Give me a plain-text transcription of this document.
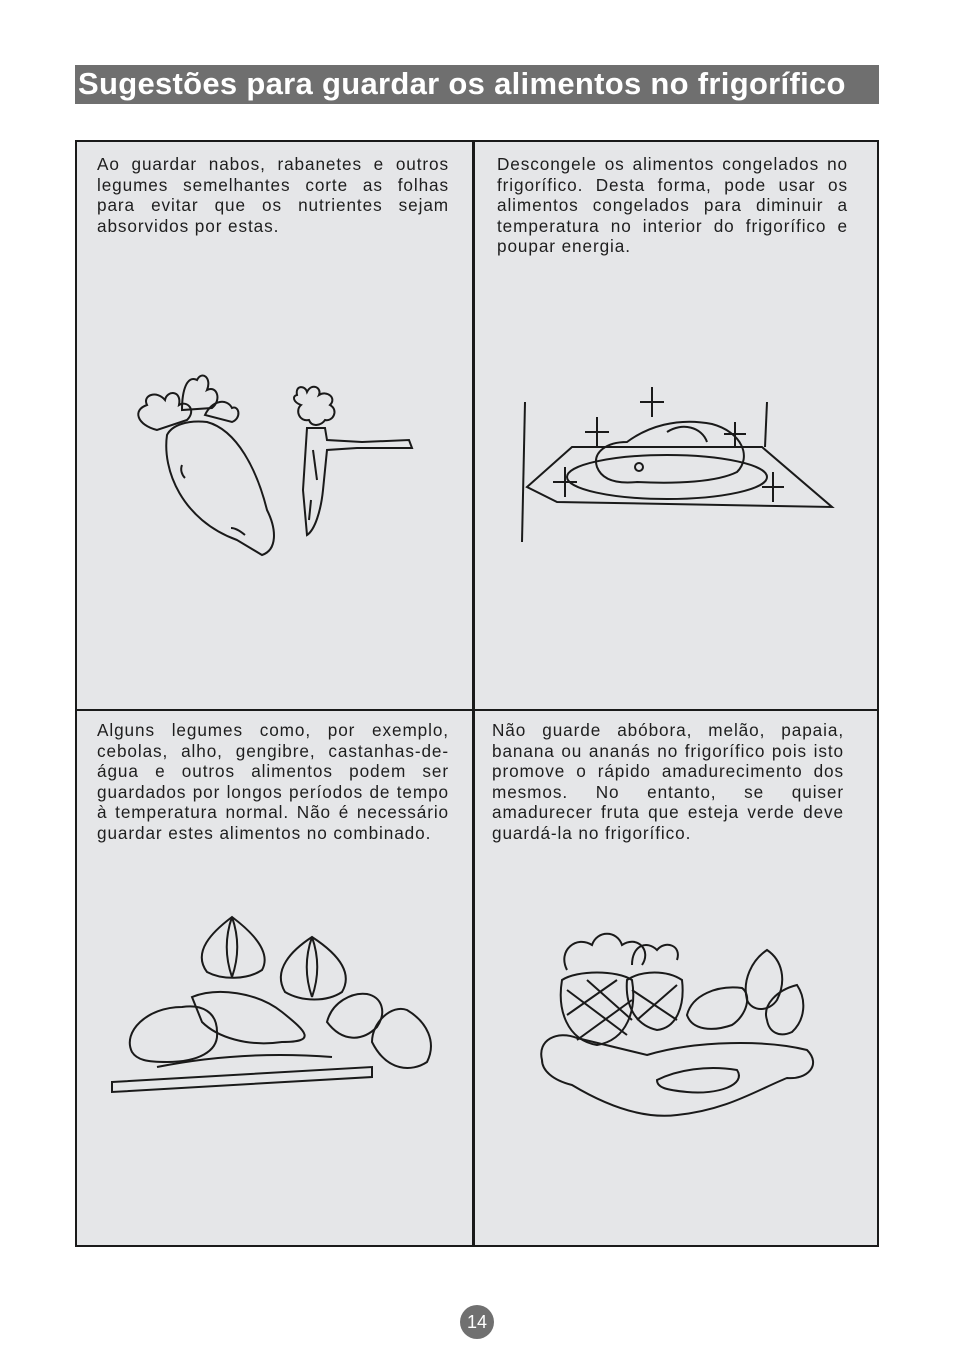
Sugestões para guardar os alimentos no frigorífico
Ao guardar nabos, rabanetes e outros legumes semelhantes corte as folhas para evitar que os nutrientes sejam absorvidos por estas.
Descongele os alimentos congelados no frigorífico. Desta forma, pode usar os alimentos congelados para diminuir a temperatura no interior do frigorífico e poupar energia.
Alguns legumes como, por exemplo, cebolas, alho, gengibre, castanhas-de-água e outros alimentos podem ser guardados por longos períodos de tempo à temperatura normal. Não é necessário guardar estes alimentos no combinado.
Não guarde abóbora, melão, papaia, banana ou ananás no frigorífico pois isto promove o rápido amadurecimento dos mesmos. No entanto, se quiser amadurecer fruta que esteja verde deve guardá-la no frigorífico.
14
